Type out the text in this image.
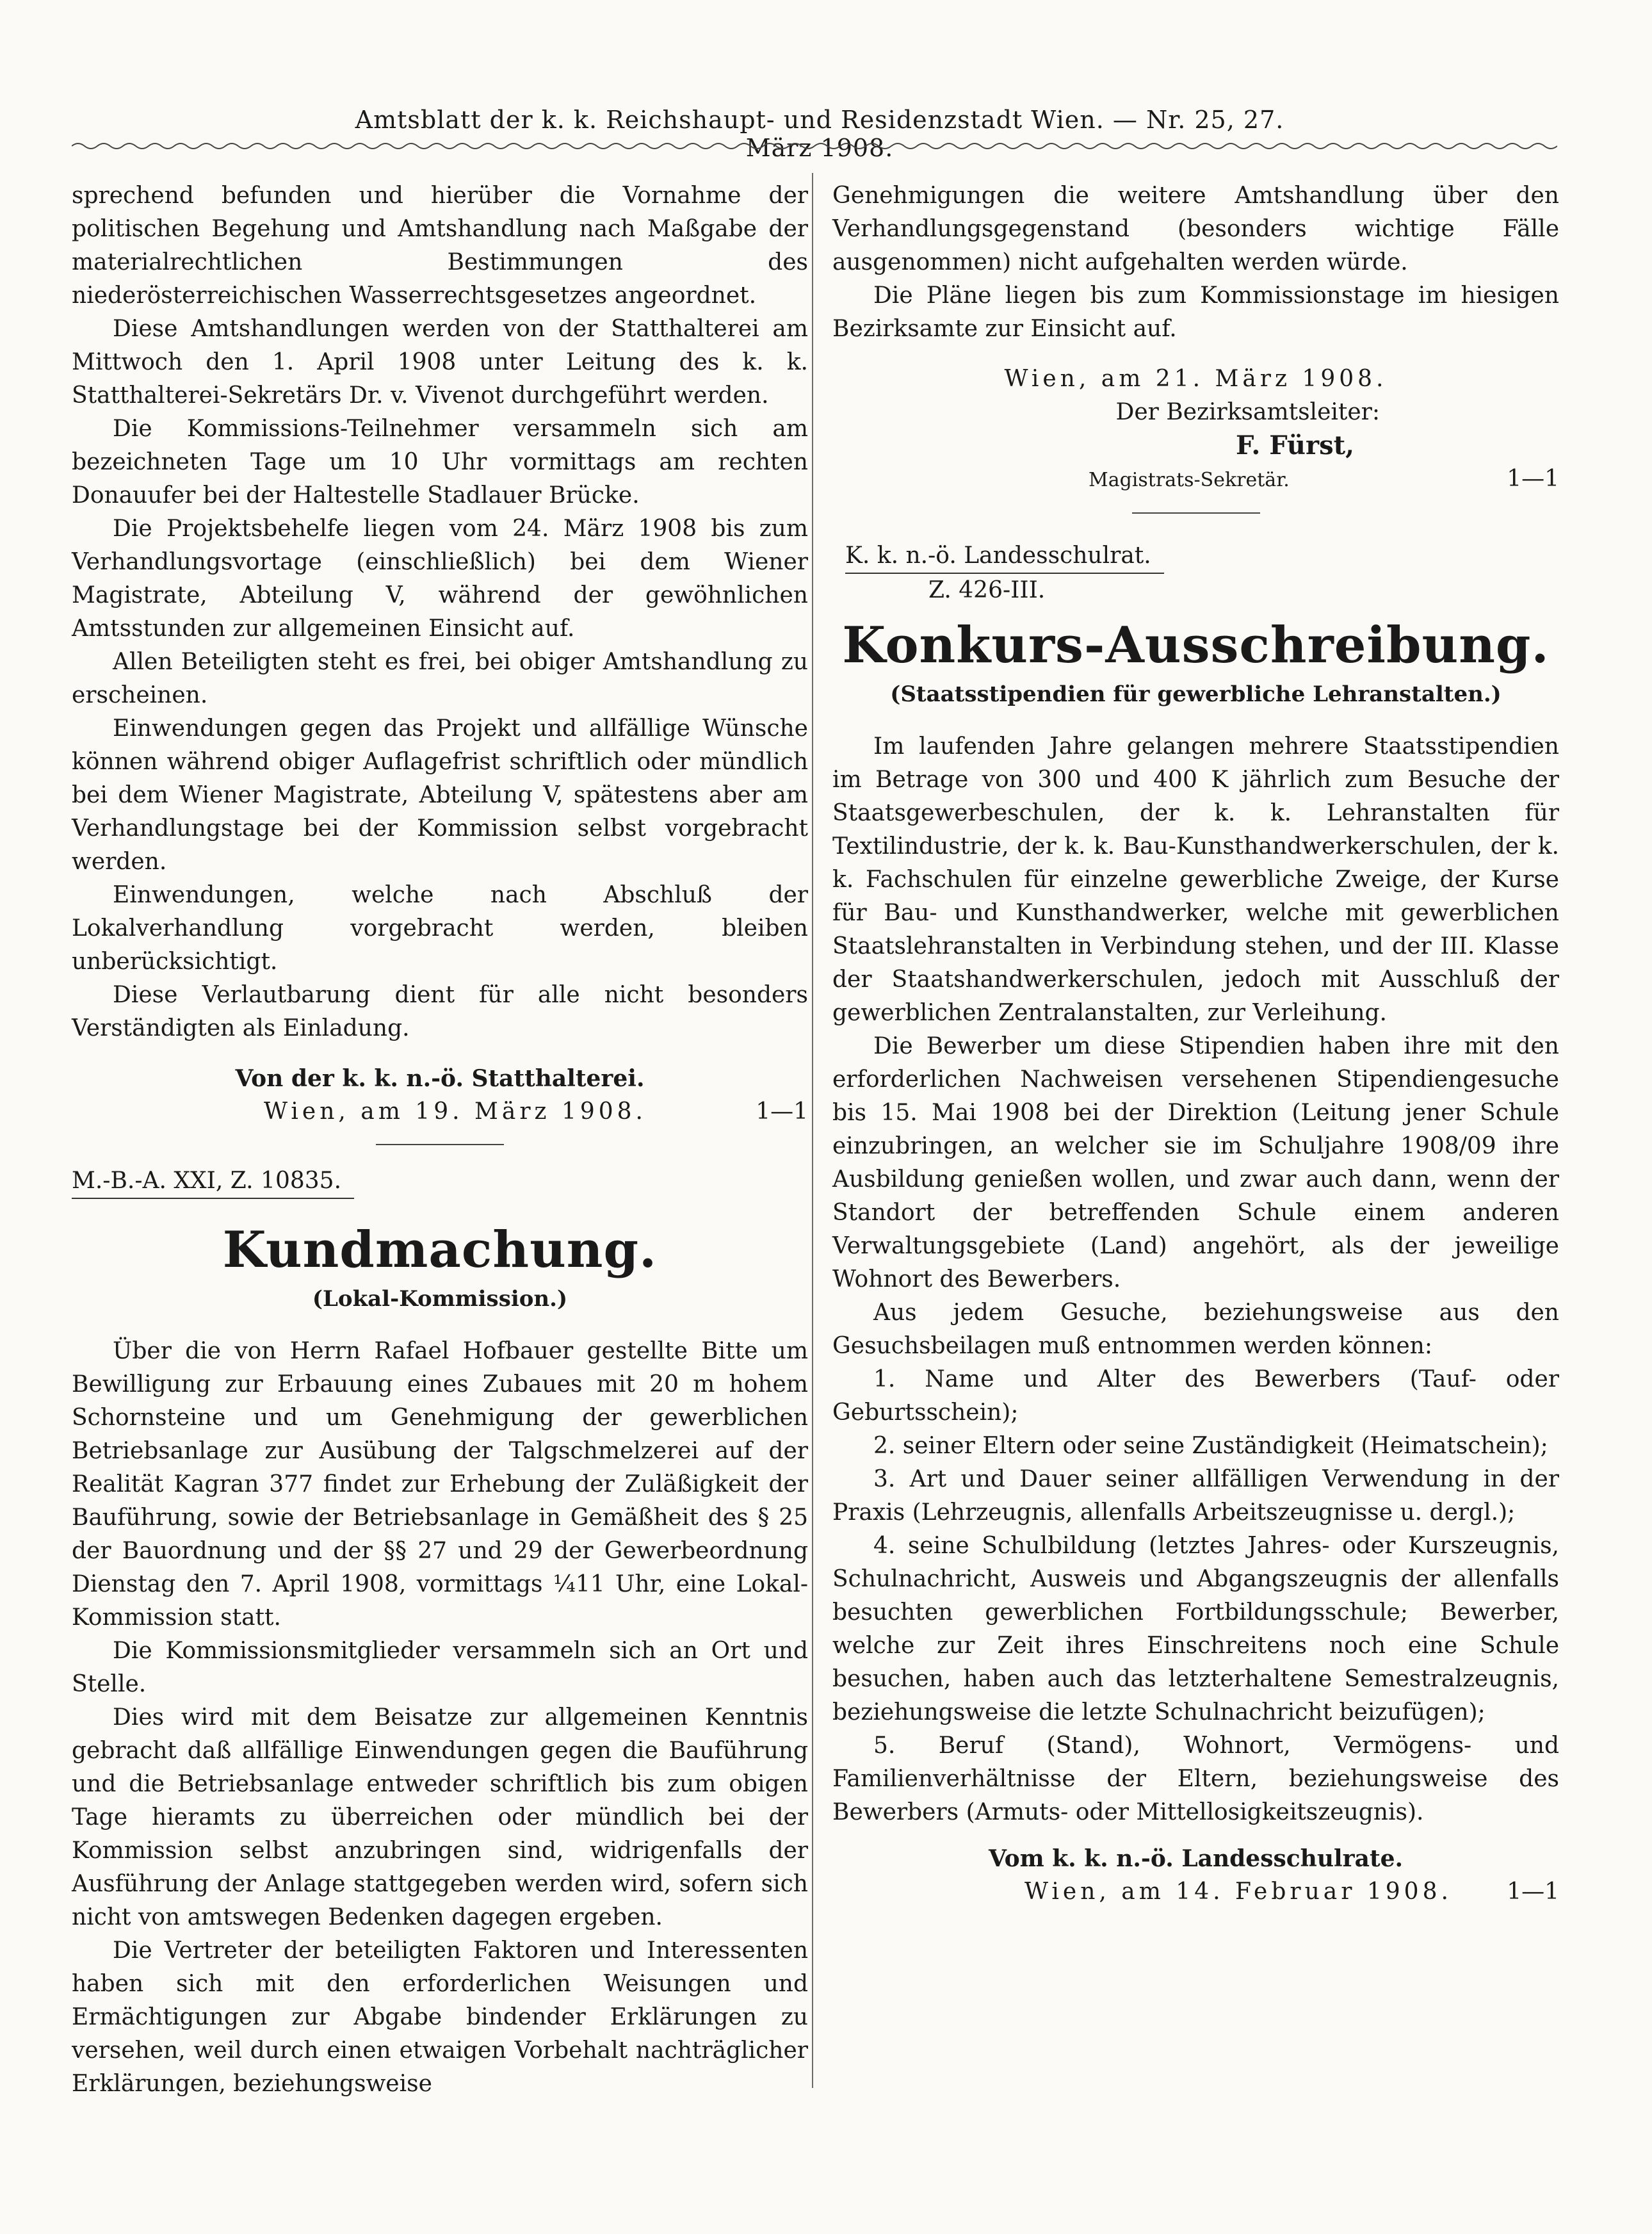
Amtsblatt der k. k. Reichshaupt- und Residenzstadt Wien. — Nr. 25, 27. März 1908.

sprechend befunden und hierüber die Vornahme der politischen Begehung und Amtshandlung nach Maßgabe der materialrechtlichen Bestimmungen des niederösterreichischen Wasserrechtsgesetzes angeordnet.

Diese Amtshandlungen werden von der Statthalterei am Mittwoch den 1. April 1908 unter Leitung des k. k. Statthalterei-Sekretärs Dr. v. Vivenot durchgeführt werden.

Die Kommissions-Teilnehmer versammeln sich am bezeichneten Tage um 10 Uhr vormittags am rechten Donauufer bei der Haltestelle Stadlauer Brücke.

Die Projektsbehelfe liegen vom 24. März 1908 bis zum Verhandlungsvortage (einschließlich) bei dem Wiener Magistrate, Abteilung V, während der gewöhnlichen Amtsstunden zur allgemeinen Einsicht auf.

Allen Beteiligten steht es frei, bei obiger Amtshandlung zu erscheinen.

Einwendungen gegen das Projekt und allfällige Wünsche können während obiger Auflagefrist schriftlich oder mündlich bei dem Wiener Magistrate, Abteilung V, spätestens aber am Verhandlungstage bei der Kommission selbst vorgebracht werden.

Einwendungen, welche nach Abschluß der Lokalverhandlung vorgebracht werden, bleiben unberücksichtigt.

Diese Verlautbarung dient für alle nicht besonders Verständigten als Einladung.

Von der k. k. n.-ö. Statthalterei.

Wien, am 19. März 1908.	1—1
M.-B.-A. XXI, Z. 10835.
Kundmachung.

(Lokal-Kommission.)

Über die von Herrn Rafael Hofbauer gestellte Bitte um Bewilligung zur Erbauung eines Zubaues mit 20 m hohem Schornsteine und um Genehmigung der gewerblichen Betriebsanlage zur Ausübung der Talgschmelzerei auf der Realität Kagran 377 findet zur Erhebung der Zuläßigkeit der Bauführung, sowie der Betriebsanlage in Gemäßheit des § 25 der Bauordnung und der §§ 27 und 29 der Gewerbeordnung Dienstag den 7. April 1908, vormittags ¼11 Uhr, eine Lokal-Kommission statt.

Die Kommissionsmitglieder versammeln sich an Ort und Stelle.

Dies wird mit dem Beisatze zur allgemeinen Kenntnis gebracht daß allfällige Einwendungen gegen die Bauführung und die Betriebsanlage entweder schriftlich bis zum obigen Tage hieramts zu überreichen oder mündlich bei der Kommission selbst anzubringen sind, widrigenfalls der Ausführung der Anlage stattgegeben werden wird, sofern sich nicht von amtswegen Bedenken dagegen ergeben.

Die Vertreter der beteiligten Faktoren und Interessenten haben sich mit den erforderlichen Weisungen und Ermächtigungen zur Abgabe bindender Erklärungen zu versehen, weil durch einen etwaigen Vorbehalt nachträglicher Erklärungen, beziehungsweise

Genehmigungen die weitere Amtshandlung über den Verhandlungsgegenstand (besonders wichtige Fälle ausgenommen) nicht aufgehalten werden würde.

Die Pläne liegen bis zum Kommissionstage im hiesigen Bezirksamte zur Einsicht auf.

Wien, am 21. März 1908.

Der Bezirksamtsleiter:

F. Fürst,

Magistrats-Sekretär.	1—1
K. k. n.-ö. Landesschulrat.

Z. 426-III.

Konkurs-Ausschreibung.

(Staatsstipendien für gewerbliche Lehranstalten.)

Im laufenden Jahre gelangen mehrere Staatsstipendien im Betrage von 300 und 400 K jährlich zum Besuche der Staatsgewerbeschulen, der k. k. Lehranstalten für Textilindustrie, der k. k. Bau-Kunsthandwerkerschulen, der k. k. Fachschulen für einzelne gewerbliche Zweige, der Kurse für Bau- und Kunsthandwerker, welche mit gewerblichen Staatslehranstalten in Verbindung stehen, und der III. Klasse der Staatshandwerkerschulen, jedoch mit Ausschluß der gewerblichen Zentralanstalten, zur Verleihung.

Die Bewerber um diese Stipendien haben ihre mit den erforderlichen Nachweisen versehenen Stipendiengesuche bis 15. Mai 1908 bei der Direktion (Leitung jener Schule einzubringen, an welcher sie im Schuljahre 1908/09 ihre Ausbildung genießen wollen, und zwar auch dann, wenn der Standort der betreffenden Schule einem anderen Verwaltungsgebiete (Land) angehört, als der jeweilige Wohnort des Bewerbers.

Aus jedem Gesuche, beziehungsweise aus den Gesuchsbeilagen muß entnommen werden können:

1. Name und Alter des Bewerbers (Tauf- oder Geburtsschein);

2. seiner Eltern oder seine Zuständigkeit (Heimatschein);

3. Art und Dauer seiner allfälligen Verwendung in der Praxis (Lehrzeugnis, allenfalls Arbeitszeugnisse u. dergl.);

4. seine Schulbildung (letztes Jahres- oder Kurszeugnis, Schulnachricht, Ausweis und Abgangszeugnis der allenfalls besuchten gewerblichen Fortbildungsschule; Bewerber, welche zur Zeit ihres Einschreitens noch eine Schule besuchen, haben auch das letzterhaltene Semestralzeugnis, beziehungsweise die letzte Schulnachricht beizufügen);

5. Beruf (Stand), Wohnort, Vermögens- und Familienverhältnisse der Eltern, beziehungsweise des Bewerbers (Armuts- oder Mittellosigkeitszeugnis).

Vom k. k. n.-ö. Landesschulrate.

Wien, am 14. Februar 1908. 1—1
